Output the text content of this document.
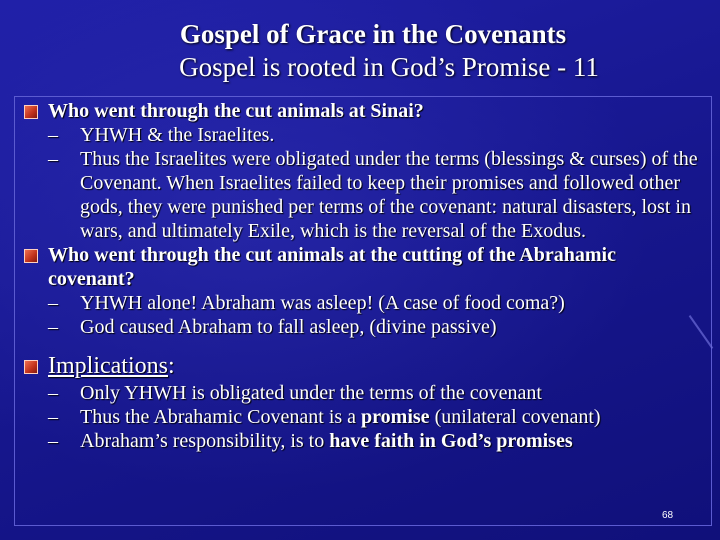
Gospel of Grace in the Covenants
Gospel is rooted in God’s Promise - 11
Who went through the cut animals at Sinai?
– YHWH & the Israelites.
– Thus the Israelites were obligated under the terms (blessings & curses) of the Covenant. When Israelites failed to keep their promises and followed other gods, they were punished per terms of the covenant: natural disasters, lost in wars, and ultimately Exile, which is the reversal of the Exodus.
Who went through the cut animals at the cutting of the Abrahamic covenant?
– YHWH alone! Abraham was asleep! (A case of food coma?)
– God caused Abraham to fall asleep, (divine passive)
Implications:
– Only YHWH is obligated under the terms of the covenant
– Thus the Abrahamic Covenant is a promise (unilateral covenant)
– Abraham’s responsibility, is to have faith in God’s promises
68
